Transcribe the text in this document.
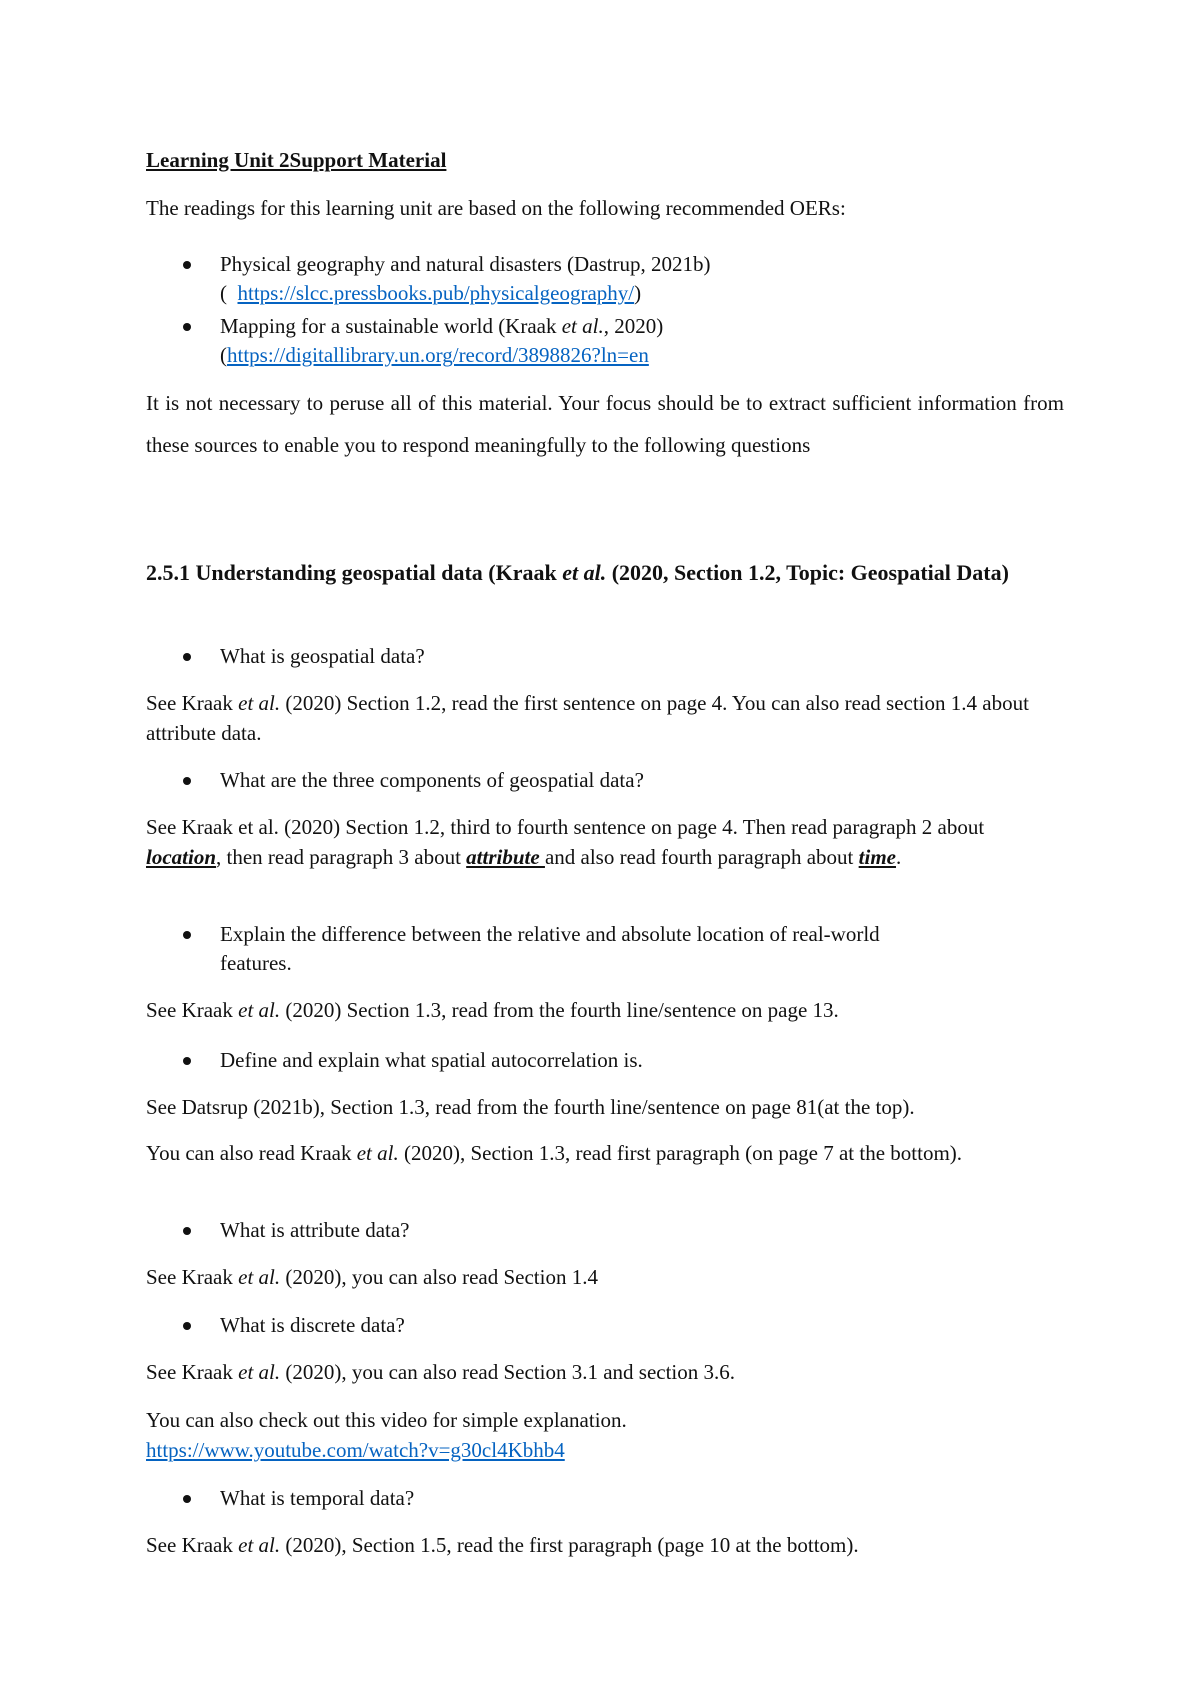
Learning Unit 2Support Material

The readings for this learning unit are based on the following recommended OERs:

Physical geography and natural disasters (Dastrup, 2021b)
( https://slcc.pressbooks.pub/physicalgeography/)
Mapping for a sustainable world (Kraak et al., 2020)
(https://digitallibrary.un.org/record/3898826?ln=en

It is not necessary to peruse all of this material. Your focus should be to extract sufficient information from these sources to enable you to respond meaningfully to the following questions

2.5.1 Understanding geospatial data (Kraak et al. (2020, Section 1.2, Topic: Geospatial Data)

What is geospatial data?

See Kraak et al. (2020) Section 1.2, read the first sentence on page 4. You can also read section 1.4 about attribute data.

What are the three components of geospatial data?

See Kraak et al. (2020) Section 1.2, third to fourth sentence on page 4. Then read paragraph 2 about location, then read paragraph 3 about attribute and also read fourth paragraph about time.

Explain the difference between the relative and absolute location of real-world features.

See Kraak et al. (2020) Section 1.3, read from the fourth line/sentence on page 13.

Define and explain what spatial autocorrelation is.

See Datsrup (2021b), Section 1.3, read from the fourth line/sentence on page 81(at the top).

You can also read Kraak et al. (2020), Section 1.3, read first paragraph (on page 7 at the bottom).

What is attribute data?

See Kraak et al. (2020), you can also read Section 1.4

What is discrete data?

See Kraak et al. (2020), you can also read Section 3.1 and section 3.6.

You can also check out this video for simple explanation.
https://www.youtube.com/watch?v=g30cl4Kbhb4

What is temporal data?

See Kraak et al. (2020), Section 1.5, read the first paragraph (page 10 at the bottom).
